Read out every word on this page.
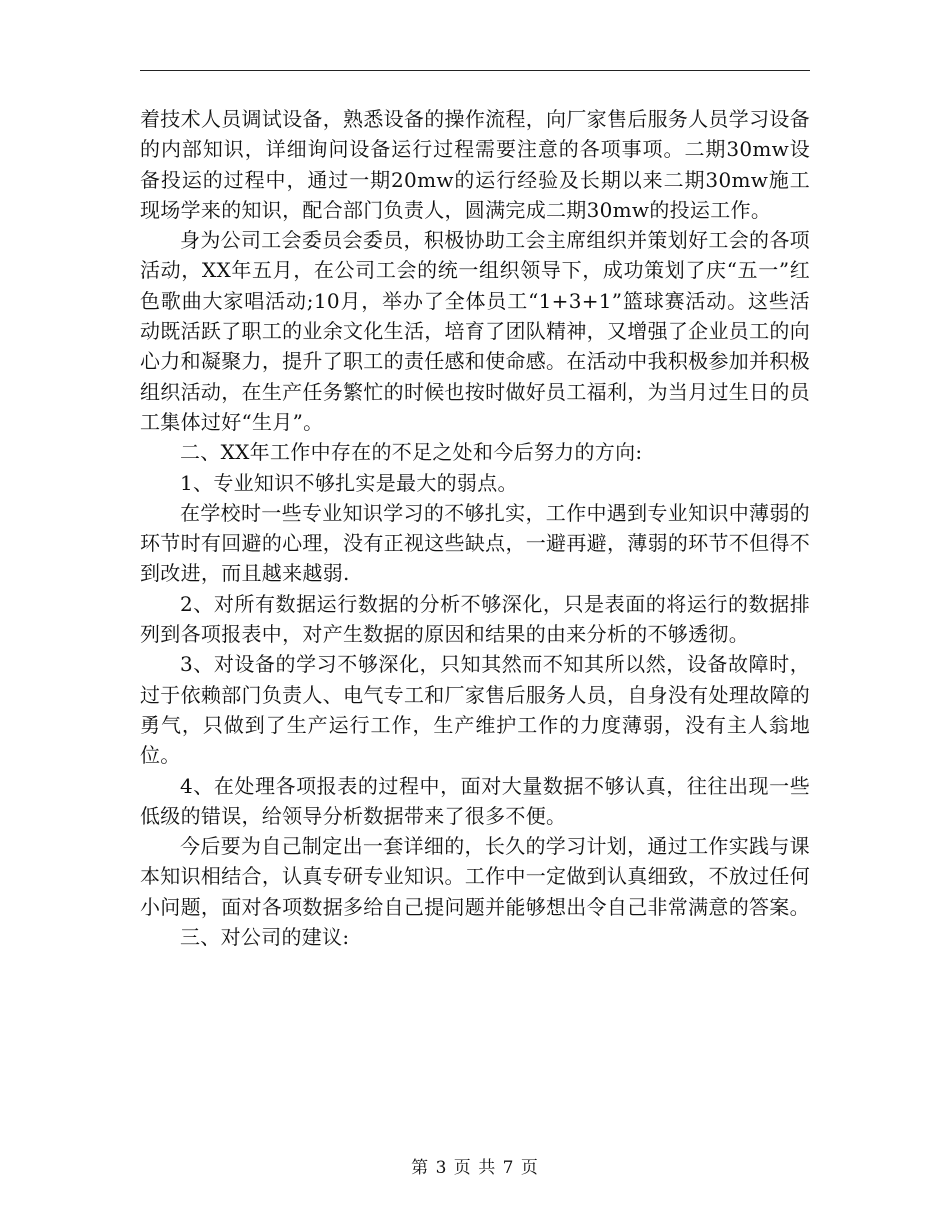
着技术人员调试设备，熟悉设备的操作流程，向厂家售后服务人员学习设备的内部知识，详细询问设备运行过程需要注意的各项事项。二期30mw设备投运的过程中，通过一期20mw的运行经验及长期以来二期30mw施工现场学来的知识，配合部门负责人，圆满完成二期30mw的投运工作。

身为公司工会委员会委员，积极协助工会主席组织并策划好工会的各项活动，XX年五月，在公司工会的统一组织领导下，成功策划了庆“五一”红色歌曲大家唱活动;10月，举办了全体员工“1+3+1”篮球赛活动。这些活动既活跃了职工的业余文化生活，培育了团队精神，又增强了企业员工的向心力和凝聚力，提升了职工的责任感和使命感。在活动中我积极参加并积极组织活动，在生产任务繁忙的时候也按时做好员工福利，为当月过生日的员工集体过好“生月”。

二、XX年工作中存在的不足之处和今后努力的方向:

1、专业知识不够扎实是最大的弱点。

在学校时一些专业知识学习的不够扎实，工作中遇到专业知识中薄弱的环节时有回避的心理，没有正视这些缺点，一避再避，薄弱的环节不但得不到改进，而且越来越弱.

2、对所有数据运行数据的分析不够深化，只是表面的将运行的数据排列到各项报表中，对产生数据的原因和结果的由来分析的不够透彻。

3、对设备的学习不够深化，只知其然而不知其所以然，设备故障时，过于依赖部门负责人、电气专工和厂家售后服务人员，自身没有处理故障的勇气，只做到了生产运行工作，生产维护工作的力度薄弱，没有主人翁地位。

4、在处理各项报表的过程中，面对大量数据不够认真，往往出现一些低级的错误，给领导分析数据带来了很多不便。

今后要为自己制定出一套详细的，长久的学习计划，通过工作实践与课本知识相结合，认真专研专业知识。工作中一定做到认真细致，不放过任何小问题，面对各项数据多给自己提问题并能够想出令自己非常满意的答案。

三、对公司的建议:

第 3 页 共 7 页
